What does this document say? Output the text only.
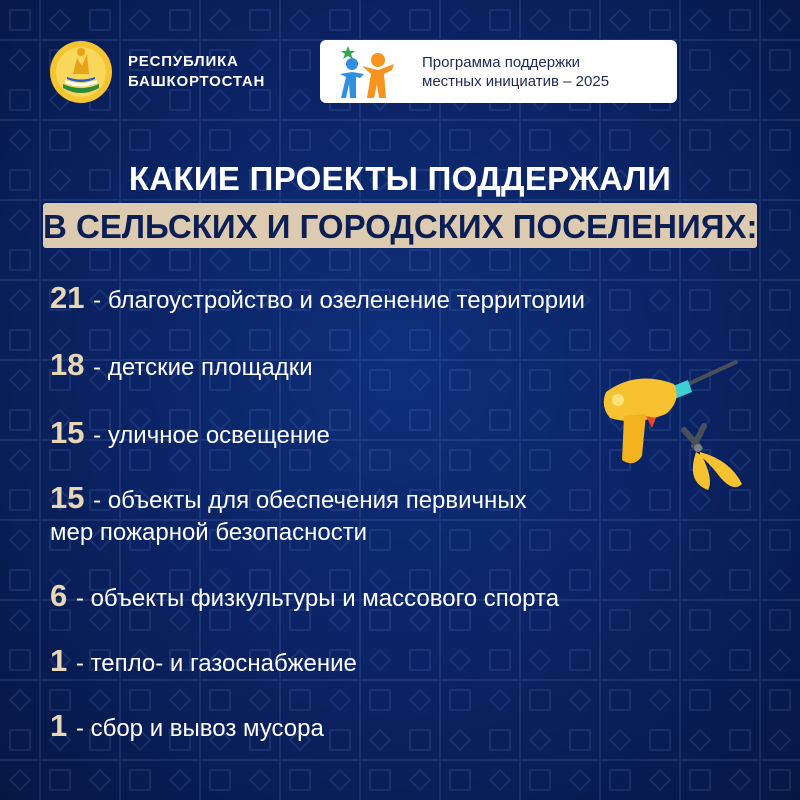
РЕСПУБЛИКА
БАШКОРТОСТАН
Программа поддержки
местных инициатив – 2025
КАКИЕ ПРОЕКТЫ ПОДДЕРЖАЛИ
В СЕЛЬСКИХ И ГОРОДСКИХ ПОСЕЛЕНИЯХ:
21 - благоустройство и озеленение территории
18 - детские площадки
15 - уличное освещение
15 - объекты для обеспечения первичных
мер пожарной безопасности
6 - объекты физкультуры и массового спорта
1 - тепло- и газоснабжение
1 - сбор и вывоз мусора
